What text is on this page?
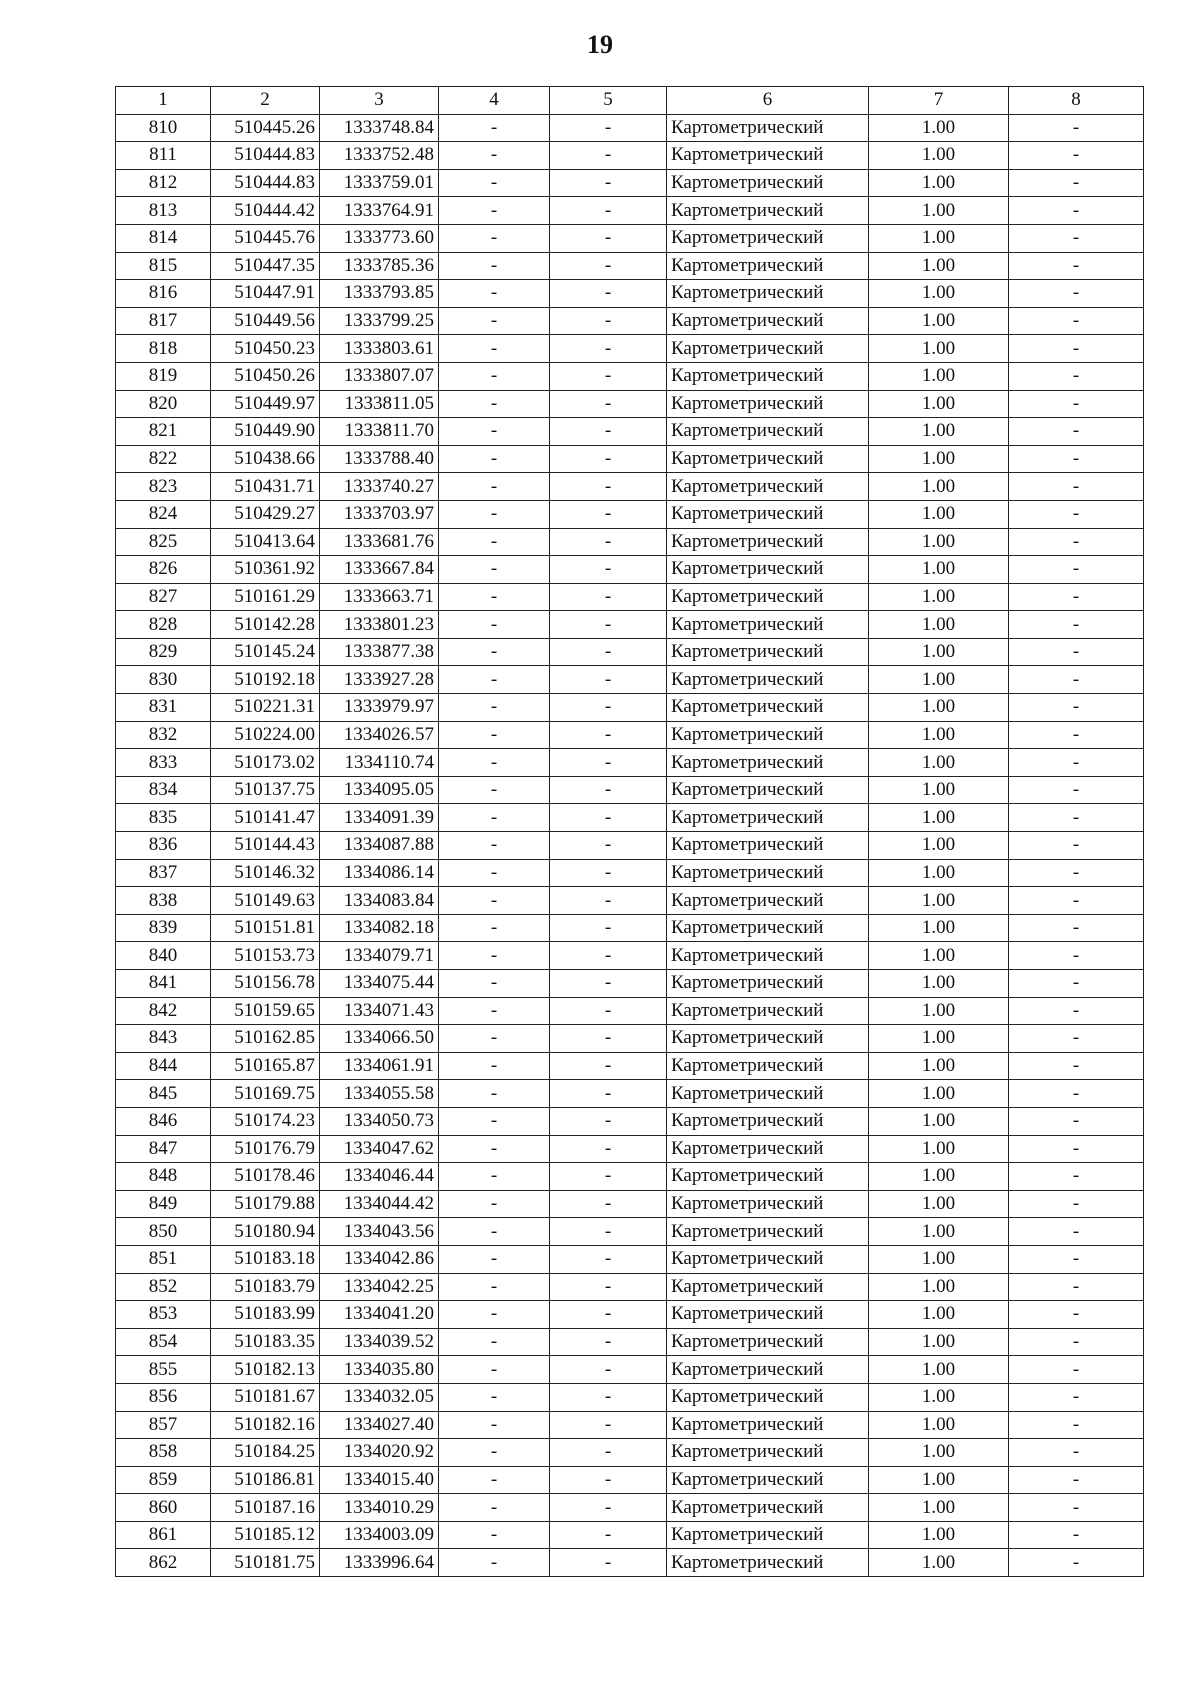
19
1	2	3	4	5	6	7	8
810	510445.26	1333748.84	-	-	Картометрический	1.00	-
811	510444.83	1333752.48	-	-	Картометрический	1.00	-
812	510444.83	1333759.01	-	-	Картометрический	1.00	-
813	510444.42	1333764.91	-	-	Картометрический	1.00	-
814	510445.76	1333773.60	-	-	Картометрический	1.00	-
815	510447.35	1333785.36	-	-	Картометрический	1.00	-
816	510447.91	1333793.85	-	-	Картометрический	1.00	-
817	510449.56	1333799.25	-	-	Картометрический	1.00	-
818	510450.23	1333803.61	-	-	Картометрический	1.00	-
819	510450.26	1333807.07	-	-	Картометрический	1.00	-
820	510449.97	1333811.05	-	-	Картометрический	1.00	-
821	510449.90	1333811.70	-	-	Картометрический	1.00	-
822	510438.66	1333788.40	-	-	Картометрический	1.00	-
823	510431.71	1333740.27	-	-	Картометрический	1.00	-
824	510429.27	1333703.97	-	-	Картометрический	1.00	-
825	510413.64	1333681.76	-	-	Картометрический	1.00	-
826	510361.92	1333667.84	-	-	Картометрический	1.00	-
827	510161.29	1333663.71	-	-	Картометрический	1.00	-
828	510142.28	1333801.23	-	-	Картометрический	1.00	-
829	510145.24	1333877.38	-	-	Картометрический	1.00	-
830	510192.18	1333927.28	-	-	Картометрический	1.00	-
831	510221.31	1333979.97	-	-	Картометрический	1.00	-
832	510224.00	1334026.57	-	-	Картометрический	1.00	-
833	510173.02	1334110.74	-	-	Картометрический	1.00	-
834	510137.75	1334095.05	-	-	Картометрический	1.00	-
835	510141.47	1334091.39	-	-	Картометрический	1.00	-
836	510144.43	1334087.88	-	-	Картометрический	1.00	-
837	510146.32	1334086.14	-	-	Картометрический	1.00	-
838	510149.63	1334083.84	-	-	Картометрический	1.00	-
839	510151.81	1334082.18	-	-	Картометрический	1.00	-
840	510153.73	1334079.71	-	-	Картометрический	1.00	-
841	510156.78	1334075.44	-	-	Картометрический	1.00	-
842	510159.65	1334071.43	-	-	Картометрический	1.00	-
843	510162.85	1334066.50	-	-	Картометрический	1.00	-
844	510165.87	1334061.91	-	-	Картометрический	1.00	-
845	510169.75	1334055.58	-	-	Картометрический	1.00	-
846	510174.23	1334050.73	-	-	Картометрический	1.00	-
847	510176.79	1334047.62	-	-	Картометрический	1.00	-
848	510178.46	1334046.44	-	-	Картометрический	1.00	-
849	510179.88	1334044.42	-	-	Картометрический	1.00	-
850	510180.94	1334043.56	-	-	Картометрический	1.00	-
851	510183.18	1334042.86	-	-	Картометрический	1.00	-
852	510183.79	1334042.25	-	-	Картометрический	1.00	-
853	510183.99	1334041.20	-	-	Картометрический	1.00	-
854	510183.35	1334039.52	-	-	Картометрический	1.00	-
855	510182.13	1334035.80	-	-	Картометрический	1.00	-
856	510181.67	1334032.05	-	-	Картометрический	1.00	-
857	510182.16	1334027.40	-	-	Картометрический	1.00	-
858	510184.25	1334020.92	-	-	Картометрический	1.00	-
859	510186.81	1334015.40	-	-	Картометрический	1.00	-
860	510187.16	1334010.29	-	-	Картометрический	1.00	-
861	510185.12	1334003.09	-	-	Картометрический	1.00	-
862	510181.75	1333996.64	-	-	Картометрический	1.00	-
